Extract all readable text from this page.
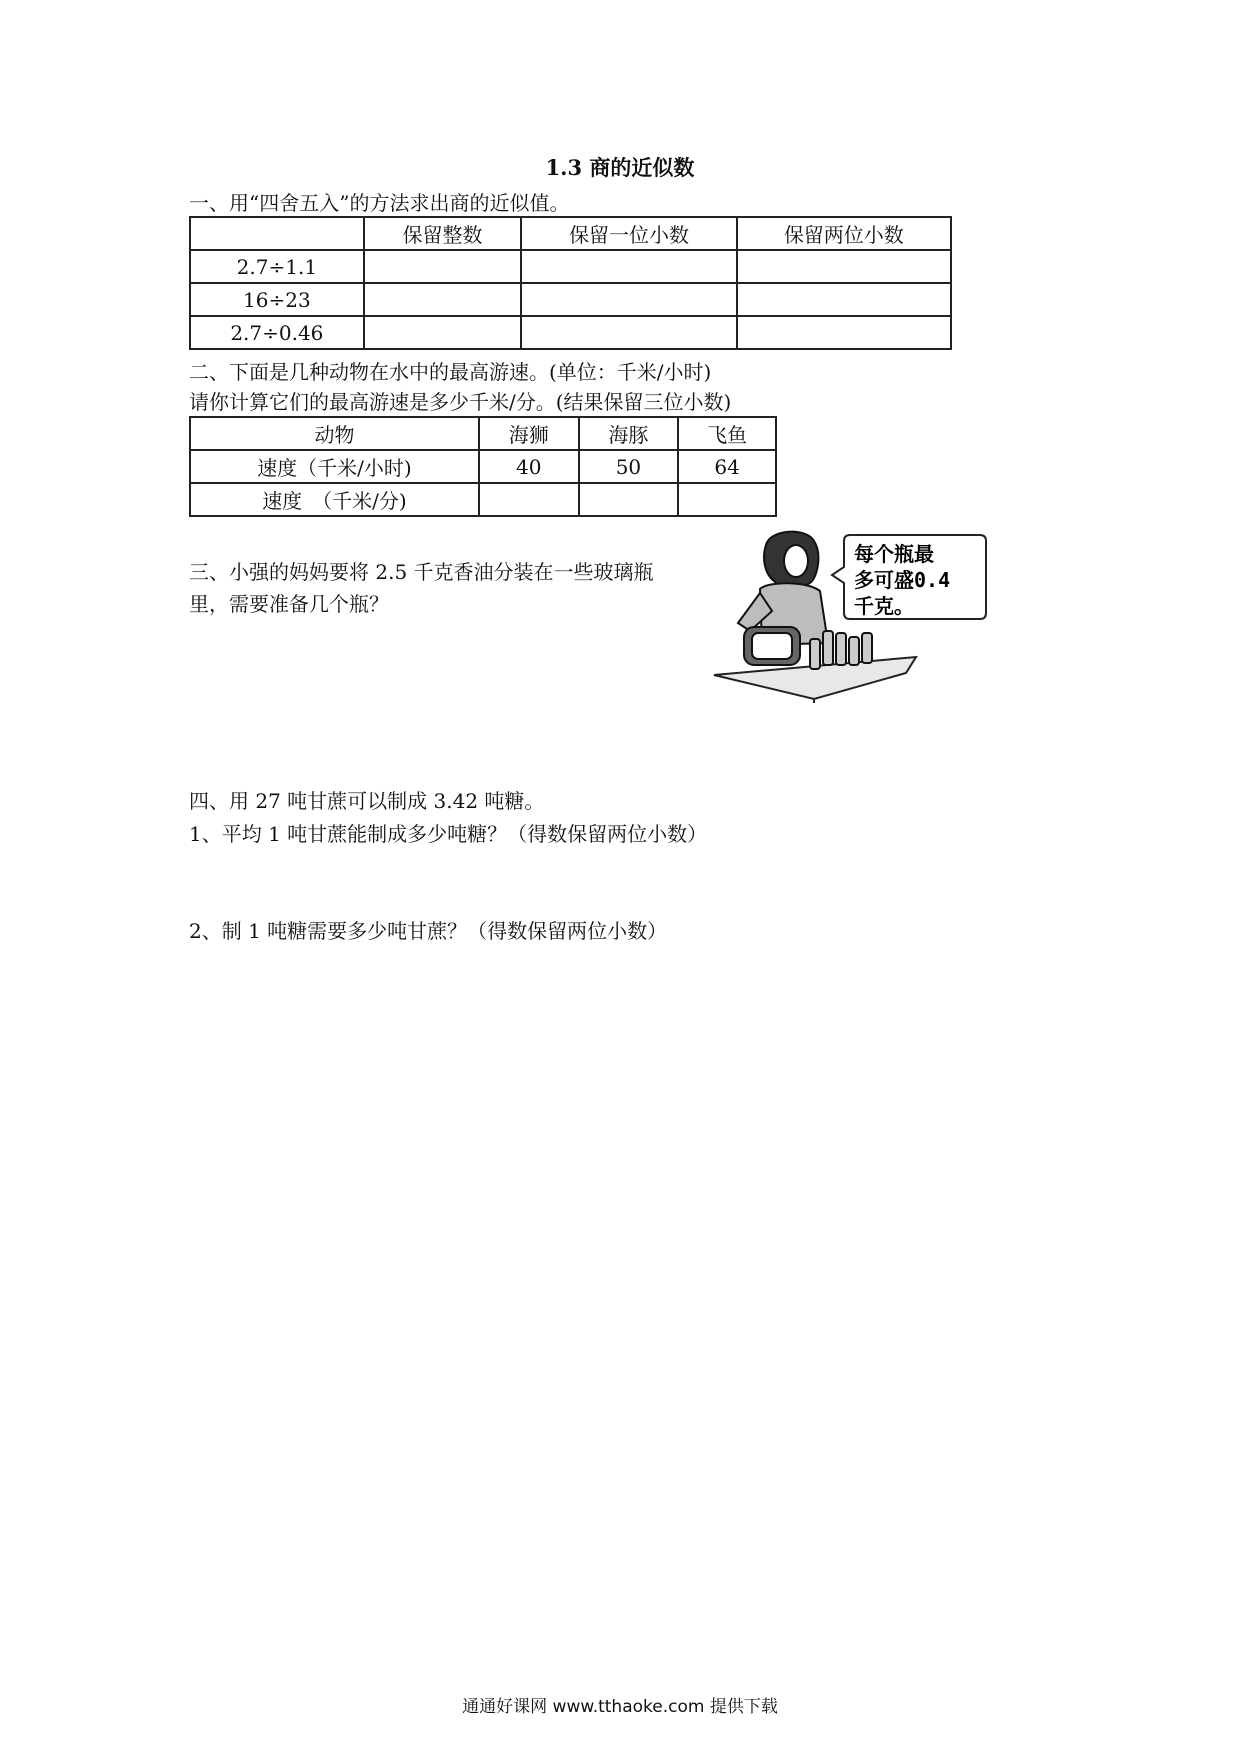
1.3 商的近似数
一、用“四舍五入”的方法求出商的近似值。
	保留整数	保留一位小数	保留两位小数
2.7÷1.1			
16÷23			
2.7÷0.46			
二、下面是几种动物在水中的最高游速。(单位：千米/小时)
请你计算它们的最高游速是多少千米/分。(结果保留三位小数)
动物	海狮	海豚	飞鱼
速度（千米/小时)	40	50	64
速度　（千米/分)			
三、小强的妈妈要将 2.5 千克香油分装在一些玻璃瓶
里，需要准备几个瓶？
每个瓶最
多可盛0.4
千克。
四、用 27 吨甘蔗可以制成 3.42 吨糖。
1、平均 1 吨甘蔗能制成多少吨糖？（得数保留两位小数）
2、制 1 吨糖需要多少吨甘蔗？（得数保留两位小数）
通通好课网 www.tthaoke.com 提供下载
